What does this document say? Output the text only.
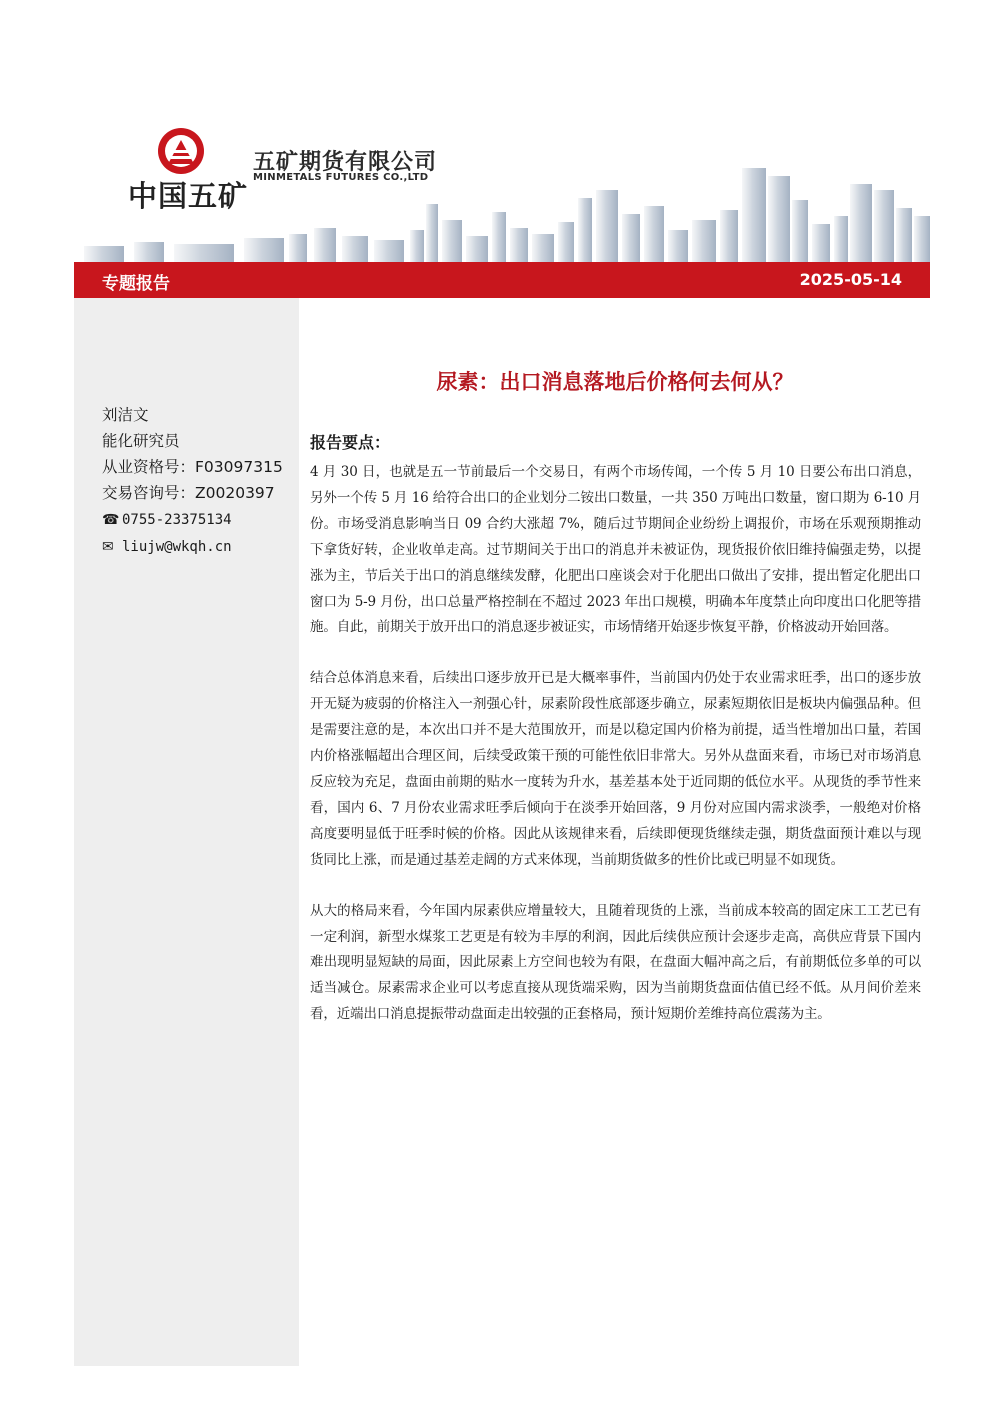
中国五矿
五矿期货有限公司
MINMETALS FUTURES CO.,LTD
专题报告	2025-05-14
刘洁文
能化研究员
从业资格号：F03097315
交易咨询号：Z0020397
☎ 0755-23375134
✉ liujw@wkqh.cn
尿素：出口消息落地后价格何去何从？
报告要点：

4 月 30 日，也就是五一节前最后一个交易日，有两个市场传闻，一个传 5 月 10 日要公布出口消息，另外一个传 5 月 16 给符合出口的企业划分二铵出口数量，一共 350 万吨出口数量，窗口期为 6-10 月份。市场受消息影响当日 09 合约大涨超 7%，随后过节期间企业纷纷上调报价，市场在乐观预期推动下拿货好转，企业收单走高。过节期间关于出口的消息并未被证伪，现货报价依旧维持偏强走势，以提涨为主，节后关于出口的消息继续发酵，化肥出口座谈会对于化肥出口做出了安排，提出暂定化肥出口窗口为 5-9 月份，出口总量严格控制在不超过 2023 年出口规模，明确本年度禁止向印度出口化肥等措施。自此，前期关于放开出口的消息逐步被证实，市场情绪开始逐步恢复平静，价格波动开始回落。

结合总体消息来看，后续出口逐步放开已是大概率事件，当前国内仍处于农业需求旺季，出口的逐步放开无疑为疲弱的价格注入一剂强心针，尿素阶段性底部逐步确立，尿素短期依旧是板块内偏强品种。但是需要注意的是，本次出口并不是大范围放开，而是以稳定国内价格为前提，适当性增加出口量，若国内价格涨幅超出合理区间，后续受政策干预的可能性依旧非常大。另外从盘面来看，市场已对市场消息反应较为充足，盘面由前期的贴水一度转为升水，基差基本处于近同期的低位水平。从现货的季节性来看，国内 6、7 月份农业需求旺季后倾向于在淡季开始回落，9 月份对应国内需求淡季，一般绝对价格高度要明显低于旺季时候的价格。因此从该规律来看，后续即便现货继续走强，期货盘面预计难以与现货同比上涨，而是通过基差走阔的方式来体现，当前期货做多的性价比或已明显不如现货。

从大的格局来看，今年国内尿素供应增量较大，且随着现货的上涨，当前成本较高的固定床工工艺已有一定利润，新型水煤浆工艺更是有较为丰厚的利润，因此后续供应预计会逐步走高，高供应背景下国内难出现明显短缺的局面，因此尿素上方空间也较为有限，在盘面大幅冲高之后，有前期低位多单的可以适当减仓。尿素需求企业可以考虑直接从现货端采购，因为当前期货盘面估值已经不低。从月间价差来看，近端出口消息提振带动盘面走出较强的正套格局，预计短期价差维持高位震荡为主。
